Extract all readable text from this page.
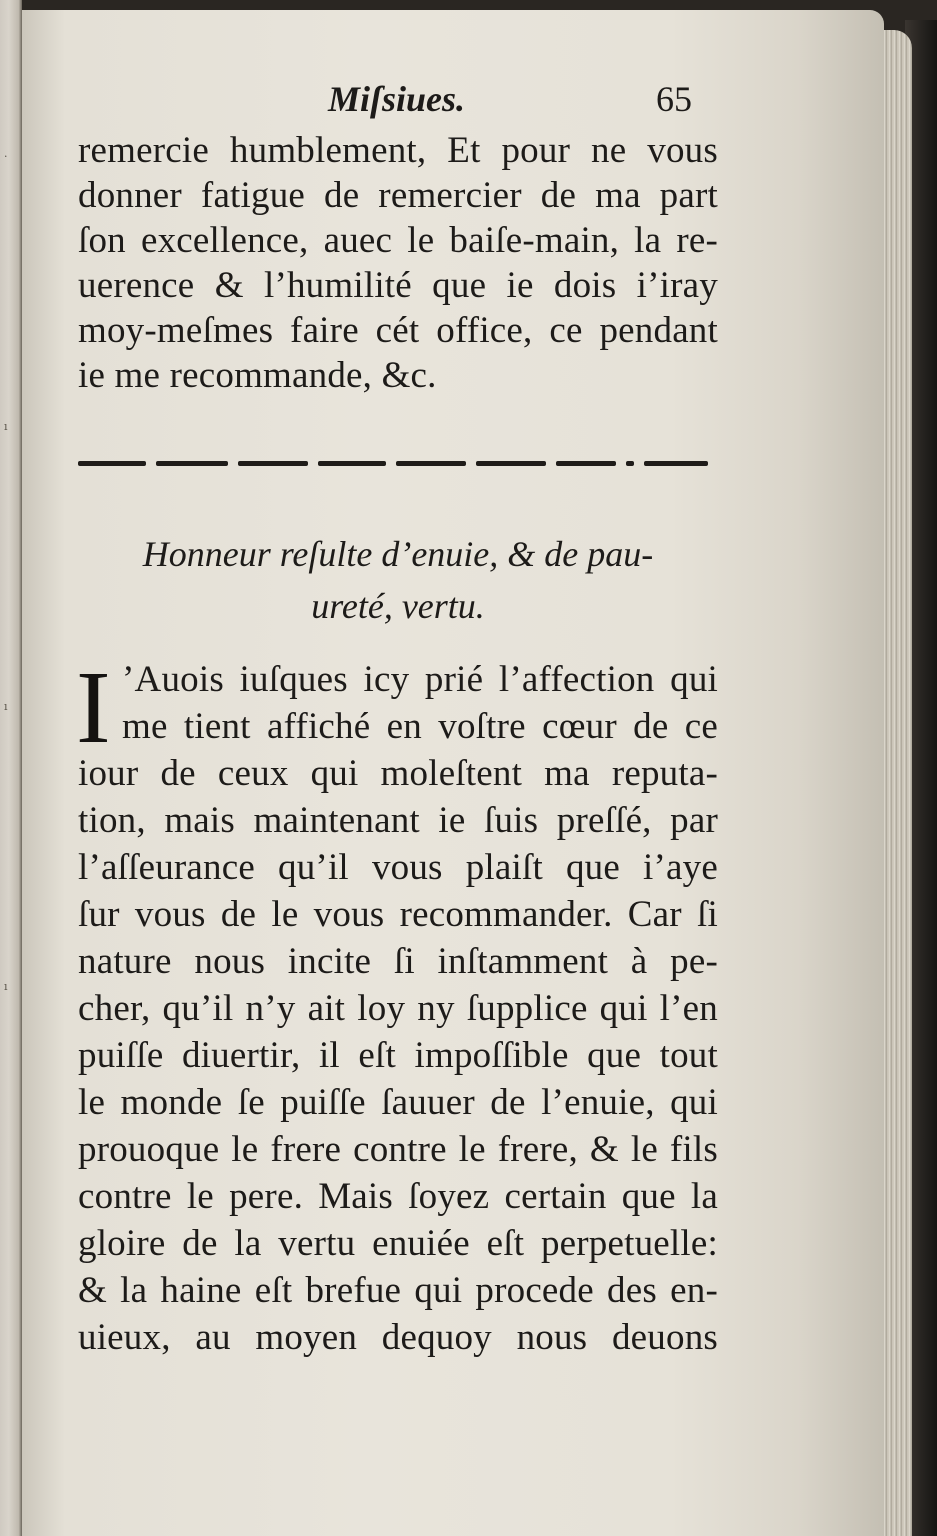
·
ı
ı
ı
Miſsiues.	65
remercie humblement, Et pour ne vous
donner fatigue de remercier de ma part
ſon excellence, auec le baiſe-main, la re-
uerence & l’humilité que ie dois i’iray
moy-meſmes faire cét office, ce pendant
ie me recommande, &c.
Honneur reſulte d’enuie, & de pau-
ureté, vertu.
I ’Auois iuſques icy prié l’affection qui
me tient affiché en voſtre cœur de ce
iour de ceux qui moleſtent ma reputa-
tion, mais maintenant ie ſuis preſſé, par
l’aſſeurance qu’il vous plaiſt que i’aye
ſur vous de le vous recommander. Car ſi
nature nous incite ſi inſtamment à pe-
cher, qu’il n’y ait loy ny ſupplice qui l’en
puiſſe diuertir, il eſt impoſſible que tout
le monde ſe puiſſe ſauuer de l’enuie, qui
prouoque le frere contre le frere, & le fils
contre le pere. Mais ſoyez certain que la
gloire de la vertu enuiée eſt perpetuelle:
& la haine eſt brefue qui procede des en-
uieux, au moyen dequoy nous deuons
